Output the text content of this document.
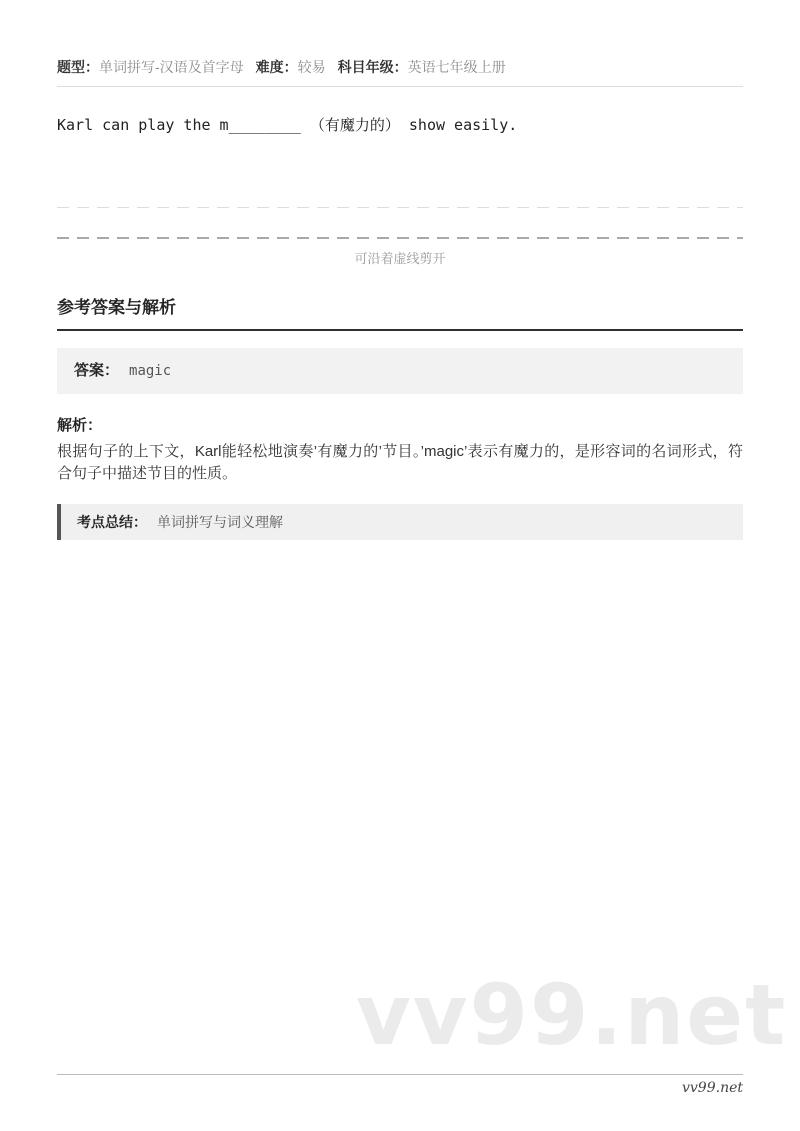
题型：单词拼写-汉语及首字母 难度：较易 科目年级：英语七年级上册

Karl can play the m________ （有魔力的） show easily.

可沿着虚线剪开
参考答案与解析
答案： magic
解析：

根据句子的上下文，Karl能轻松地演奏’有魔力的’节目。’magic’表示有魔力的，是形容词的名词形式，符合句子中描述节目的性质。

考点总结： 单词拼写与词义理解
vv99.net
vv99.net
